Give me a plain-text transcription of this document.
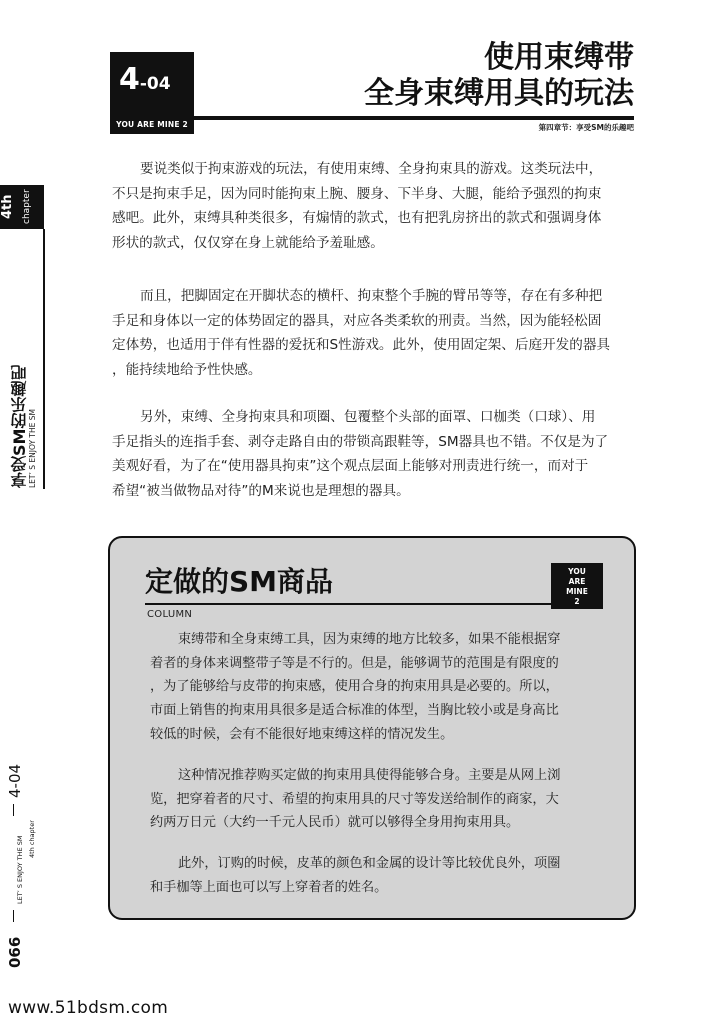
4-04
YOU ARE MINE 2
使用束缚带
全身束缚用具的玩法
第四章节：享受SM的乐趣吧
4th chapter
享受SM的乐趣吧 LET’ S ENJOY THE SM
066
4th chapter
LET’ S ENJOY THE SM
4-04
要说类似于拘束游戏的玩法，有使用束缚、全身拘束具的游戏。这类玩法中，
不只是拘束手足，因为同时能拘束上腕、腰身、下半身、大腿，能给予强烈的拘束
感吧。此外，束缚具种类很多，有煽情的款式，也有把乳房挤出的款式和强调身体
形状的款式，仅仅穿在身上就能给予羞耻感。
而且，把脚固定在开脚状态的横杆、拘束整个手腕的臂吊等等，存在有多种把
手足和身体以一定的体势固定的器具，对应各类柔软的刑责。当然，因为能轻松固
定体势，也适用于伴有性器的爱抚和S性游戏。此外，使用固定架、后庭开发的器具
，能持续地给予性快感。
另外，束缚、全身拘束具和项圈、包覆整个头部的面罩、口枷类（口球）、用
手足指头的连指手套、剥夺走路自由的带锁高跟鞋等，SM器具也不错。不仅是为了
美观好看，为了在“使用器具拘束”这个观点层面上能够对刑责进行统一，而对于
希望“被当做物品对待”的M来说也是理想的器具。
定做的SM商品
COLUMN
YOU
ARE
MINE
2
束缚带和全身束缚工具，因为束缚的地方比较多，如果不能根据穿
着者的身体来调整带子等是不行的。但是，能够调节的范围是有限度的
，为了能够给与皮带的拘束感，使用合身的拘束用具是必要的。所以，
市面上销售的拘束用具很多是适合标准的体型，当胸比较小或是身高比
较低的时候，会有不能很好地束缚这样的情况发生。
这种情况推荐购买定做的拘束用具使得能够合身。主要是从网上浏
览，把穿着者的尺寸、希望的拘束用具的尺寸等发送给制作的商家，大
约两万日元（大约一千元人民币）就可以够得全身用拘束用具。
此外，订购的时候，皮革的颜色和金属的设计等比较优良外，项圈
和手枷等上面也可以写上穿着者的姓名。
www.51bdsm.com
